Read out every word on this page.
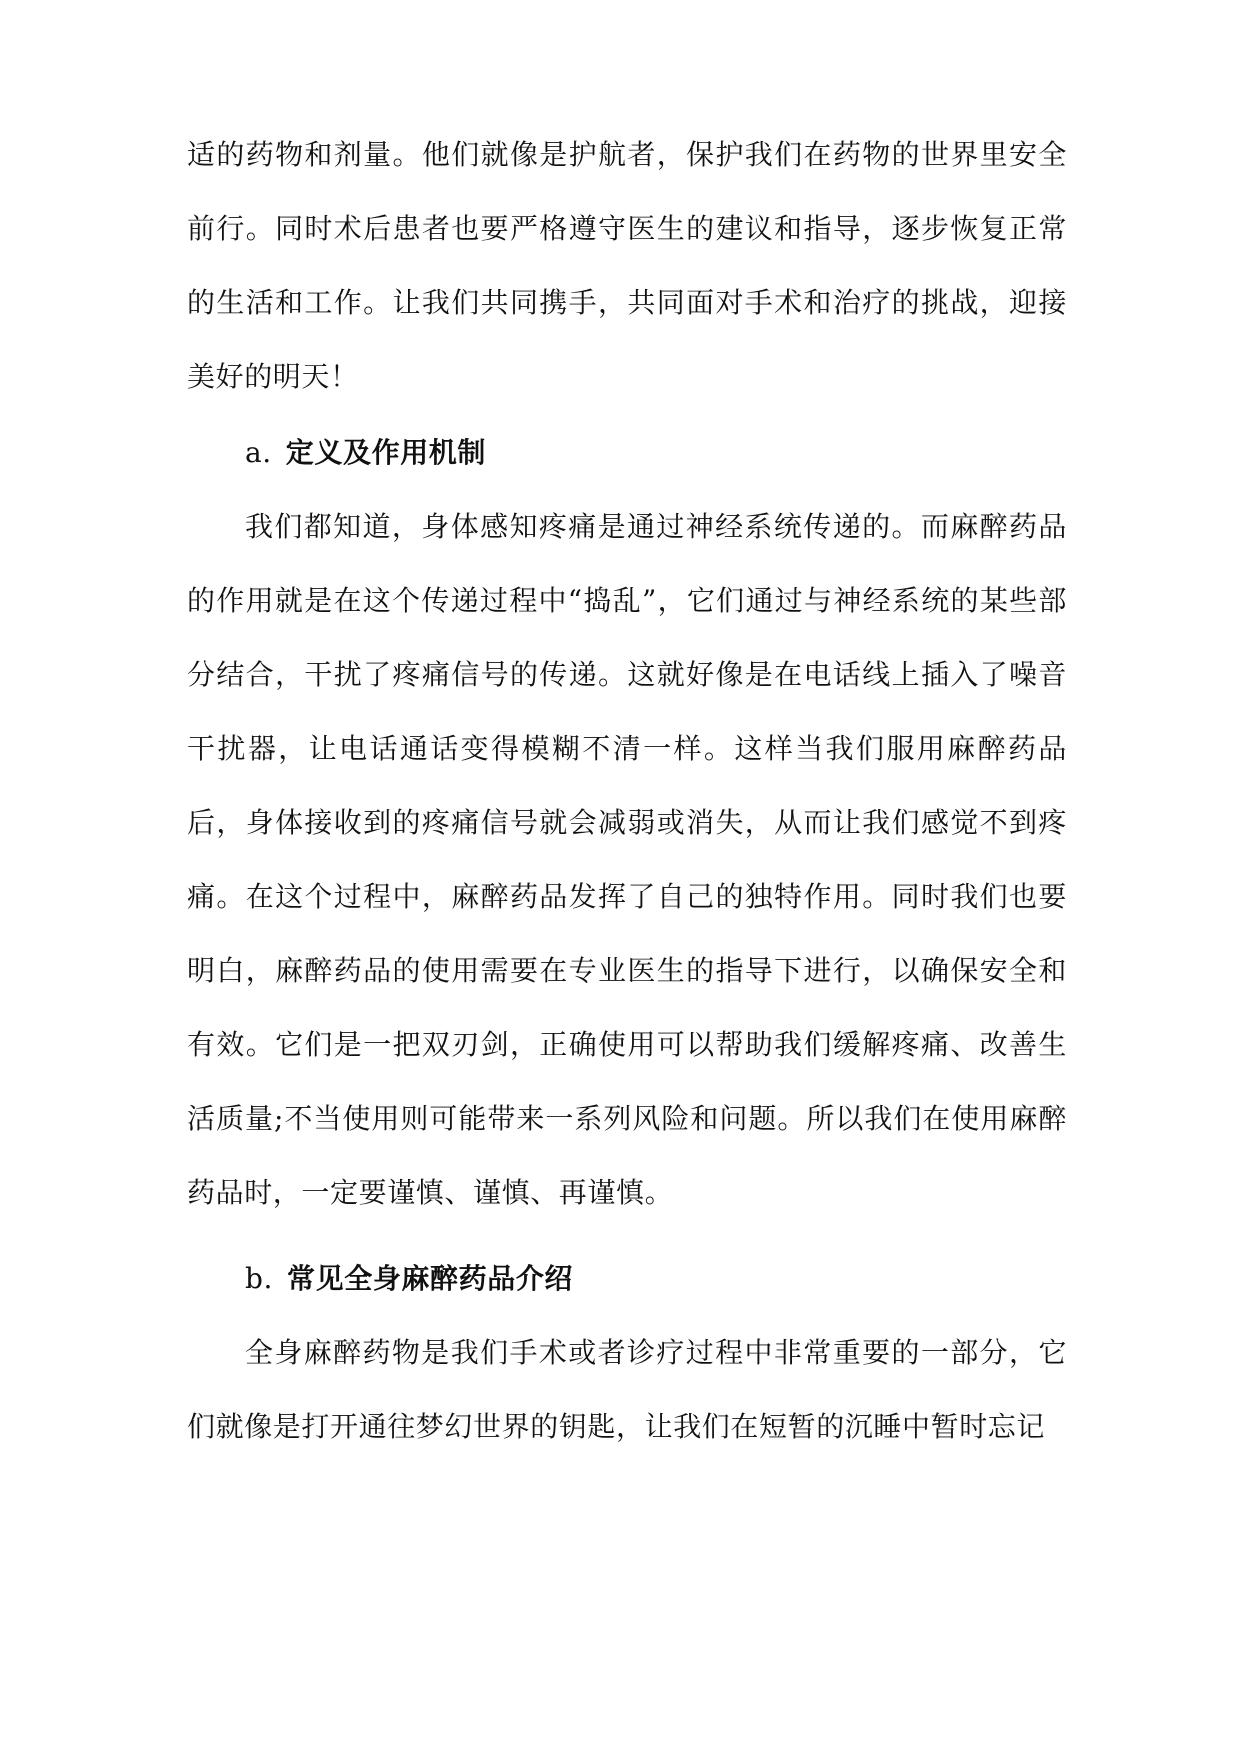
适的药物和剂量。他们就像是护航者，保护我们在药物的世界里安全前行。同时术后患者也要严格遵守医生的建议和指导，逐步恢复正常的生活和工作。让我们共同携手，共同面对手术和治疗的挑战，迎接美好的明天！

a. 定义及作用机制

我们都知道，身体感知疼痛是通过神经系统传递的。而麻醉药品的作用就是在这个传递过程中“捣乱”，它们通过与神经系统的某些部分结合，干扰了疼痛信号的传递。这就好像是在电话线上插入了噪音干扰器，让电话通话变得模糊不清一样。这样当我们服用麻醉药品后，身体接收到的疼痛信号就会减弱或消失，从而让我们感觉不到疼痛。在这个过程中，麻醉药品发挥了自己的独特作用。同时我们也要明白，麻醉药品的使用需要在专业医生的指导下进行，以确保安全和有效。它们是一把双刃剑，正确使用可以帮助我们缓解疼痛、改善生活质量;不当使用则可能带来一系列风险和问题。所以我们在使用麻醉药品时，一定要谨慎、谨慎、再谨慎。

b. 常见全身麻醉药品介绍

全身麻醉药物是我们手术或者诊疗过程中非常重要的一部分，它们就像是打开通往梦幻世界的钥匙，让我们在短暂的沉睡中暂时忘记
